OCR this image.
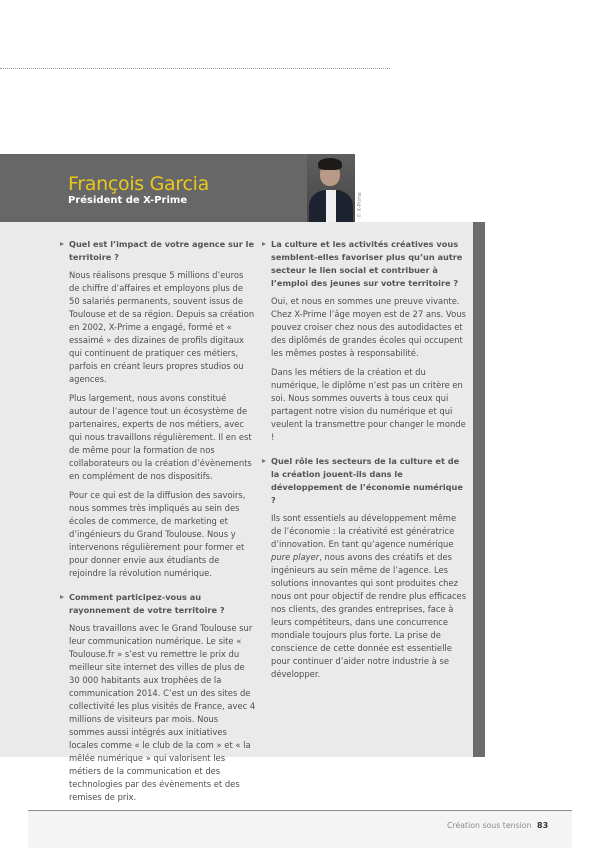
François Garcia
Président de X-Prime	© X-Prime
Quel est l’impact de votre agence sur le territoire ?
Nous réalisons presque 5 millions d’euros de chiffre d’affaires et employons plus de 50 salariés permanents, souvent issus de Toulouse et de sa région. Depuis sa création en 2002, X-Prime a engagé, formé et « essaimé » des dizaines de profils digitaux qui continuent de pratiquer ces métiers, parfois en créant leurs propres studios ou agences.
Plus largement, nous avons constitué autour de l’agence tout un écosystème de partenaires, experts de nos métiers, avec qui nous travaillons régulièrement. Il en est de même pour la formation de nos collaborateurs ou la création d’évènements en complément de nos dispositifs.
Pour ce qui est de la diffusion des savoirs, nous sommes très impliqués au sein des écoles de commerce, de marketing et d’ingénieurs du Grand Toulouse. Nous y intervenons régulièrement pour former et pour donner envie aux étudiants de rejoindre la révolution numérique.
Comment participez-vous au rayonnement de votre territoire ?
Nous travaillons avec le Grand Toulouse sur leur communication numérique. Le site « Toulouse.fr » s’est vu remettre le prix du meilleur site internet des villes de plus de 30 000 habitants aux trophées de la communication 2014. C’est un des sites de collectivité les plus visités de France, avec 4 millions de visiteurs par mois. Nous sommes aussi intégrés aux initiatives locales comme « le club de la com » et « la mêlée numérique » qui valorisent les métiers de la communication et des technologies par des évènements et des remises de prix.
La culture et les activités créatives vous semblent-elles favoriser plus qu’un autre secteur le lien social et contribuer à l’emploi des jeunes sur votre territoire ?
Oui, et nous en sommes une preuve vivante. Chez X-Prime l’âge moyen est de 27 ans. Vous pouvez croiser chez nous des autodidactes et des diplômés de grandes écoles qui occupent les mêmes postes à responsabilité.
Dans les métiers de la création et du numérique, le diplôme n’est pas un critère en soi. Nous sommes ouverts à tous ceux qui partagent notre vision du numérique et qui veulent la transmettre pour changer le monde !
Quel rôle les secteurs de la culture et de la création jouent-ils dans le développement de l’économie numérique ?
Ils sont essentiels au développement même de l’économie : la créativité est génératrice d’innovation. En tant qu’agence numérique pure player, nous avons des créatifs et des ingénieurs au sein même de l’agence. Les solutions innovantes qui sont produites chez nous ont pour objectif de rendre plus efficaces nos clients, des grandes entreprises, face à leurs compétiteurs, dans une concurrence mondiale toujours plus forte. La prise de conscience de cette donnée est essentielle pour continuer d’aider notre industrie à se développer.
Création sous tension 83
